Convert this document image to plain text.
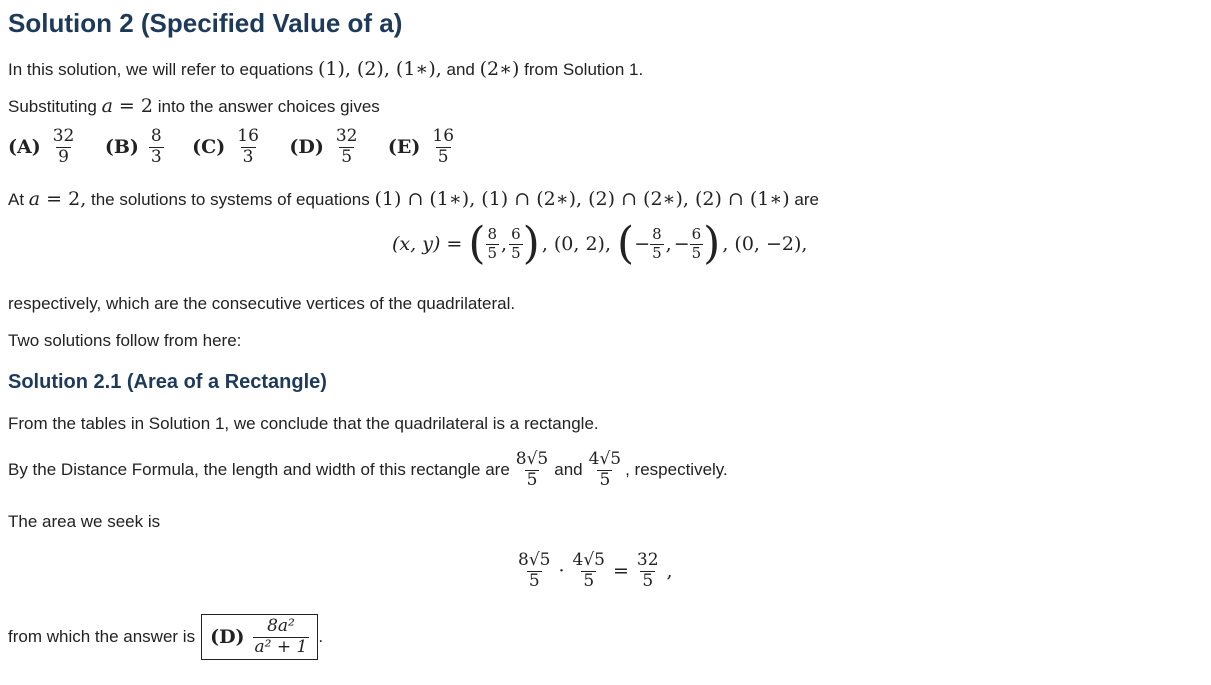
Solution 2 (Specified Value of a)
In this solution, we will refer to equations (1), (2), (1∗), and (2∗) from Solution 1.
Substituting a = 2 into the answer choices gives
$(A) \frac{32}{9}$
$(B) \frac{8}{3}$
$(C) \frac{16}{3}$
$(D) \frac{32}{5}$
$(E) \frac{16}{5}$
At a = 2, the solutions to systems of equations (1) ∩ (1∗), (1) ∩ (2∗), (2) ∩ (2∗), (2) ∩ (1∗) are
(x, y) = ( $\frac{8}{5}$ , $\frac{6}{5}$ ) , (0, 2), ( − $\frac{8}{5}$ , − $\frac{6}{5}$ ) , (0, −2),
respectively, which are the consecutive vertices of the quadrilateral.
Two solutions follow from here:
Solution 2.1 (Area of a Rectangle)
From the tables in Solution 1, we conclude that the quadrilateral is a rectangle.
By the Distance Formula, the length and width of this rectangle are $\frac{8√5}{5}$ and $\frac{4√5}{5}$ , respectively.
The area we seek is
$\frac{8√5}{5} \cdot \frac{4√5}{5} = \frac{32}{5}$ ,
from which the answer is $(D) \frac{\text{8a²}}{\text{a² + 1}}$ .
